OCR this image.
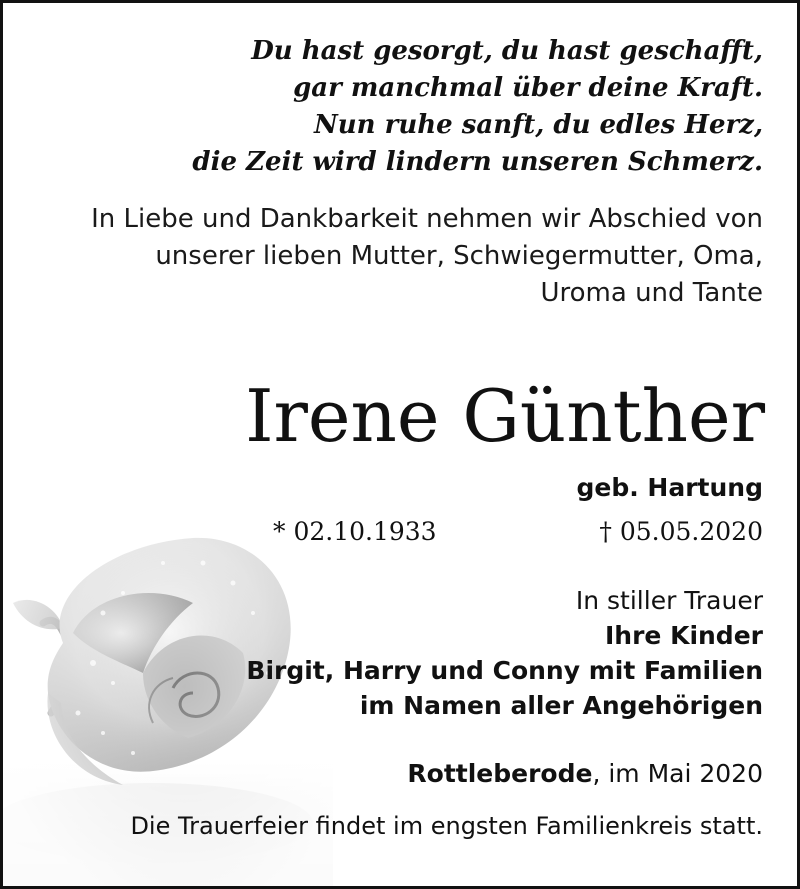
Du hast gesorgt, du hast geschafft,
gar manchmal über deine Kraft.
Nun ruhe sanft, du edles Herz,
die Zeit wird lindern unseren Schmerz.
In Liebe und Dankbarkeit nehmen wir Abschied von
unserer lieben Mutter, Schwiegermutter, Oma,
Uroma und Tante
Irene Günther
geb. Hartung
* 02.10.1933	† 05.05.2020
In stiller Trauer
Ihre Kinder
Birgit, Harry und Conny mit Familien
im Namen aller Angehörigen
Rottleberode, im Mai 2020
Die Trauerfeier findet im engsten Familienkreis statt.
